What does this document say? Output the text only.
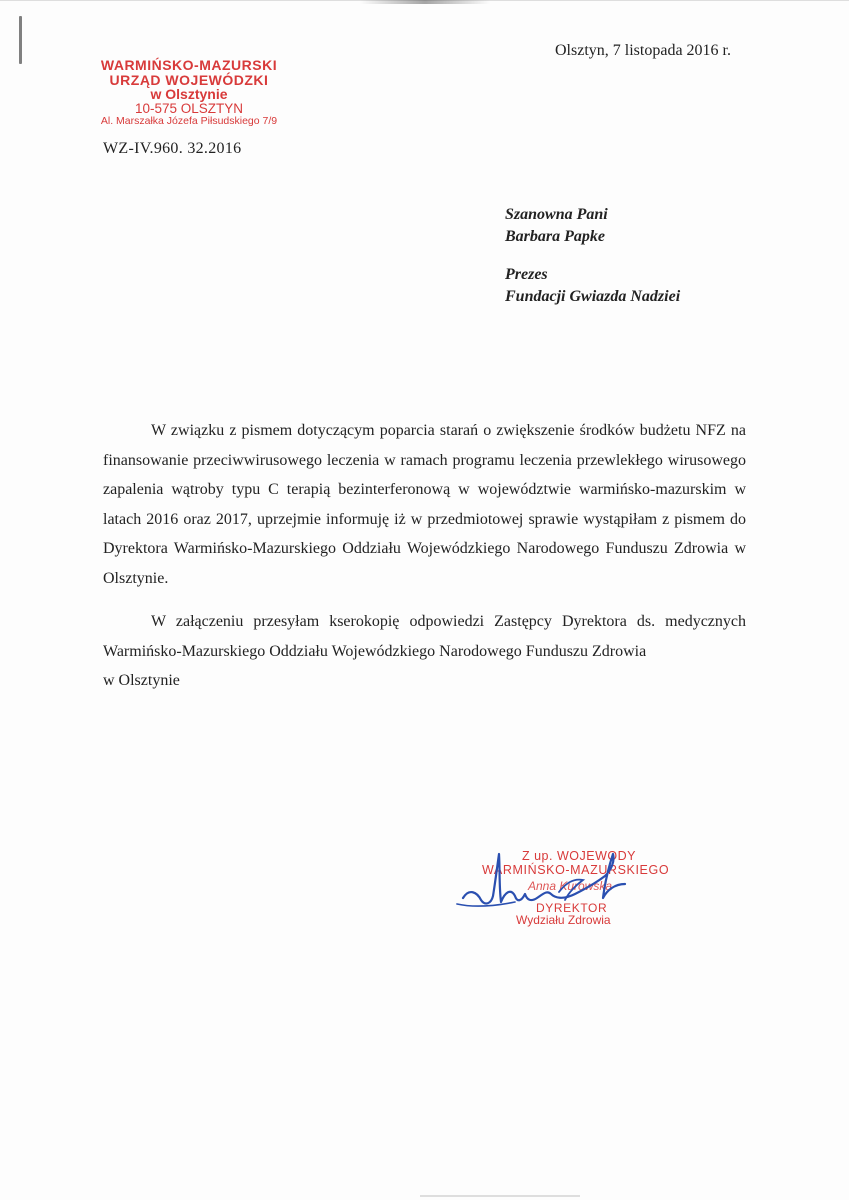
Olsztyn, 7 listopada 2016 r.
WARMIŃSKO-MAZURSKI
URZĄD WOJEWÓDZKI
w Olsztynie
10-575 OLSZTYN
Al. Marszałka Józefa Piłsudskiego 7/9
WZ-IV.960. 32.2016
Szanowna Pani
Barbara Papke
Prezes
Fundacji Gwiazda Nadziei

W związku z pismem dotyczącym poparcia starań o zwiększenie środków budżetu NFZ na finansowanie przeciwwirusowego leczenia w ramach programu leczenia przewlekłego wirusowego zapalenia wątroby typu C terapią bezinterferonową w województwie warmińsko-mazurskim w latach 2016 oraz 2017, uprzejmie informuję iż w przedmiotowej sprawie wystąpiłam z pismem do Dyrektora Warmińsko-Mazurskiego Oddziału Wojewódzkiego Narodowego Funduszu Zdrowia w Olsztynie.

W załączeniu przesyłam kserokopię odpowiedzi Zastępcy Dyrektora ds. medycznych Warmińsko-Mazurskiego Oddziału Wojewódzkiego Narodowego Funduszu Zdrowia

w Olsztynie

Z up. WOJEWODY
WARMIŃSKO-MAZURSKIEGO
Anna Kurowska
DYREKTOR
Wydziału Zdrowia
